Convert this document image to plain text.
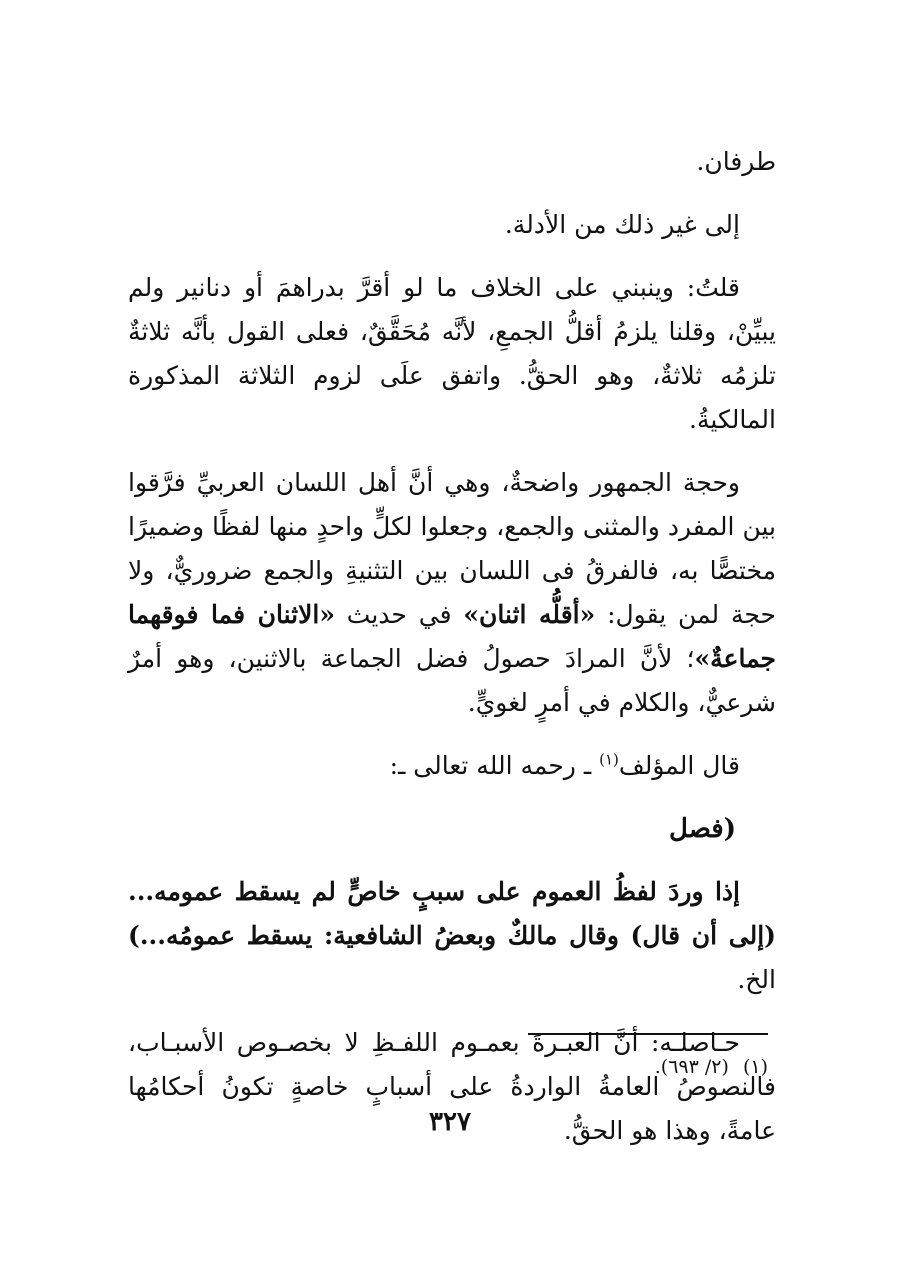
طرفان.

إلى غير ذلك من الأدلة.

قلتُ: وينبني على الخلاف ما لو أقرَّ بدراهمَ أو دنانير ولم يبيِّنْ، وقلنا يلزمُ أقلُّ الجمعِ، لأنَّه مُحَقَّقٌ، فعلى القول بأنَّه ثلاثةٌ تلزمُه ثلاثةٌ، وهو الحقُّ. واتفق علَى لزوم الثلاثة المذكورة المالكيةُ.

وحجة الجمهور واضحةٌ، وهي أنَّ أهل اللسان العربيِّ فرَّقوا بين المفرد والمثنى والجمع، وجعلوا لكلٍّ واحدٍ منها لفظًا وضميرًا مختصًّا به، فالفرقُ فى اللسان بين التثنيةِ والجمع ضروريٌّ، ولا حجة لمن يقول: «أقلُّه اثنان» في حديث «الاثنان فما فوقهما جماعةٌ»؛ لأنَّ المرادَ حصولُ فضل الجماعة بالاثنين، وهو أمرٌ شرعيٌّ، والكلام في أمرٍ لغويٍّ.

قال المؤلف$^{(١)}$ ـ رحمه الله تعالى ـ:

(فصل

إذا وردَ لفظُ العموم على سببٍ خاصٍّ لم يسقط عمومه... (إلى أن قال) وقال مالكٌ وبعضُ الشافعية: يسقط عمومُه...) الخ.

حـاصلـه: أنَّ العبـرةَ بعمـوم اللفـظِ لا بخصـوص الأسبـاب، فالنصوصُ العامةُ الواردةُ على أسبابٍ خاصةٍ تكونُ أحكامُها عامةً، وهذا هو الحقُّ.

(١)(٢/ ٦٩٣).
٣٢٧
